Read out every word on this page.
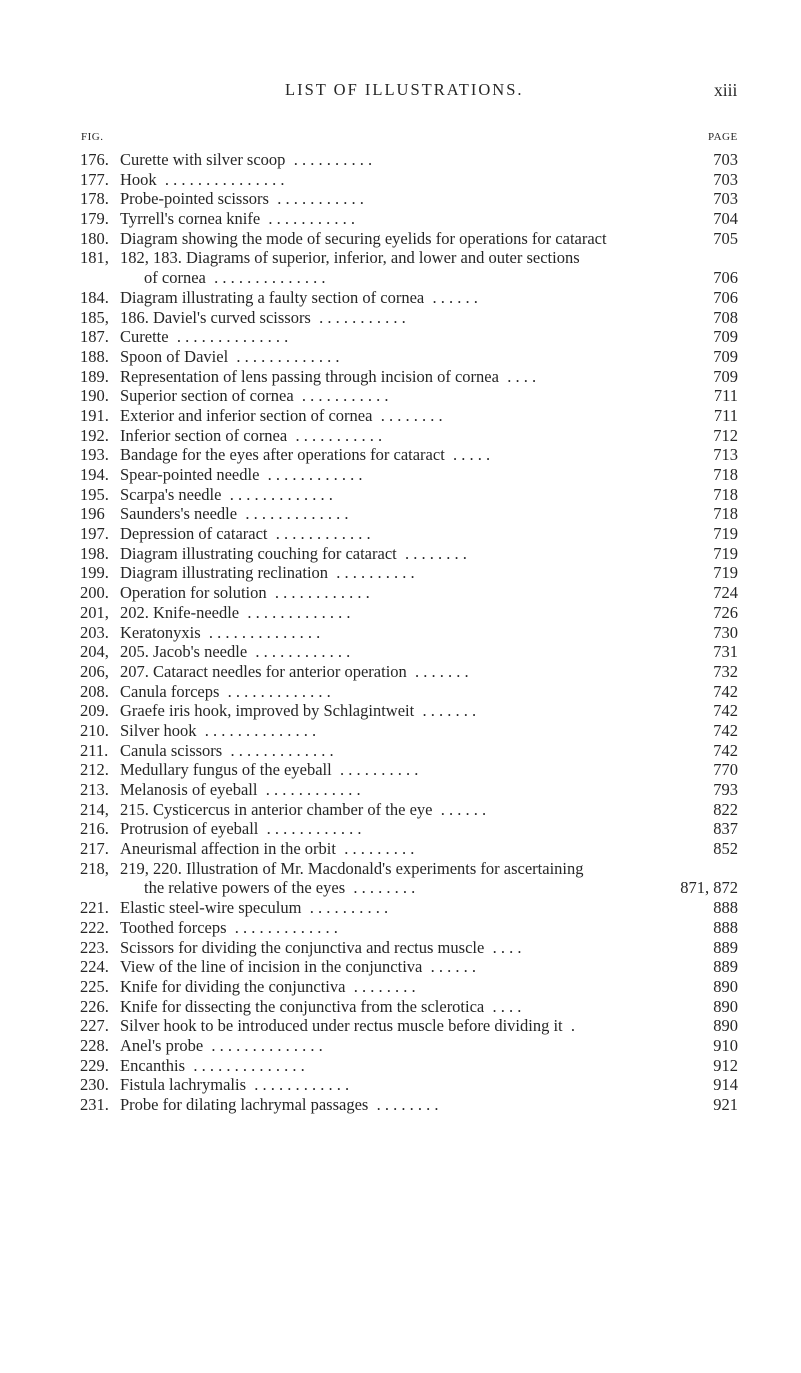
LIST OF ILLUSTRATIONS.	xiii
FIG.	PAGE
176. Curette with silver scoop . . . . . . . . . .	703
177. Hook . . . . . . . . . . . . . . .	703
178. Probe-pointed scissors . . . . . . . . . . .	703
179. Tyrrell's cornea knife . . . . . . . . . . .	704
180. Diagram showing the mode of securing eyelids for operations for cataract	705
181, 182, 183. Diagrams of superior, inferior, and lower and outer sections
of cornea . . . . . . . . . . . . . .	706
184. Diagram illustrating a faulty section of cornea . . . . . .	706
185, 186. Daviel's curved scissors . . . . . . . . . . .	708
187. Curette . . . . . . . . . . . . . .	709
188. Spoon of Daviel . . . . . . . . . . . . .	709
189. Representation of lens passing through incision of cornea . . . .	709
190. Superior section of cornea . . . . . . . . . . .	711
191. Exterior and inferior section of cornea . . . . . . . .	711
192. Inferior section of cornea . . . . . . . . . . .	712
193. Bandage for the eyes after operations for cataract . . . . .	713
194. Spear-pointed needle . . . . . . . . . . . .	718
195. Scarpa's needle . . . . . . . . . . . . .	718
196 Saunders's needle . . . . . . . . . . . . .	718
197. Depression of cataract . . . . . . . . . . . .	719
198. Diagram illustrating couching for cataract . . . . . . . .	719
199. Diagram illustrating reclination . . . . . . . . . .	719
200. Operation for solution . . . . . . . . . . . .	724
201, 202. Knife-needle . . . . . . . . . . . . .	726
203. Keratonyxis . . . . . . . . . . . . . .	730
204, 205. Jacob's needle . . . . . . . . . . . .	731
206, 207. Cataract needles for anterior operation . . . . . . .	732
208. Canula forceps . . . . . . . . . . . . .	742
209. Graefe iris hook, improved by Schlagintweit . . . . . . .	742
210. Silver hook . . . . . . . . . . . . . .	742
211. Canula scissors . . . . . . . . . . . . .	742
212. Medullary fungus of the eyeball . . . . . . . . . .	770
213. Melanosis of eyeball . . . . . . . . . . . .	793
214, 215. Cysticercus in anterior chamber of the eye . . . . . .	822
216. Protrusion of eyeball . . . . . . . . . . . .	837
217. Aneurismal affection in the orbit . . . . . . . . .	852
218, 219, 220. Illustration of Mr. Macdonald's experiments for ascertaining
the relative powers of the eyes . . . . . . . .	871, 872
221. Elastic steel-wire speculum . . . . . . . . . .	888
222. Toothed forceps . . . . . . . . . . . . .	888
223. Scissors for dividing the conjunctiva and rectus muscle . . . .	889
224. View of the line of incision in the conjunctiva . . . . . .	889
225. Knife for dividing the conjunctiva . . . . . . . .	890
226. Knife for dissecting the conjunctiva from the sclerotica . . . .	890
227. Silver hook to be introduced under rectus muscle before dividing it .	890
228. Anel's probe . . . . . . . . . . . . . .	910
229. Encanthis . . . . . . . . . . . . . .	912
230. Fistula lachrymalis . . . . . . . . . . . .	914
231. Probe for dilating lachrymal passages . . . . . . . .	921
